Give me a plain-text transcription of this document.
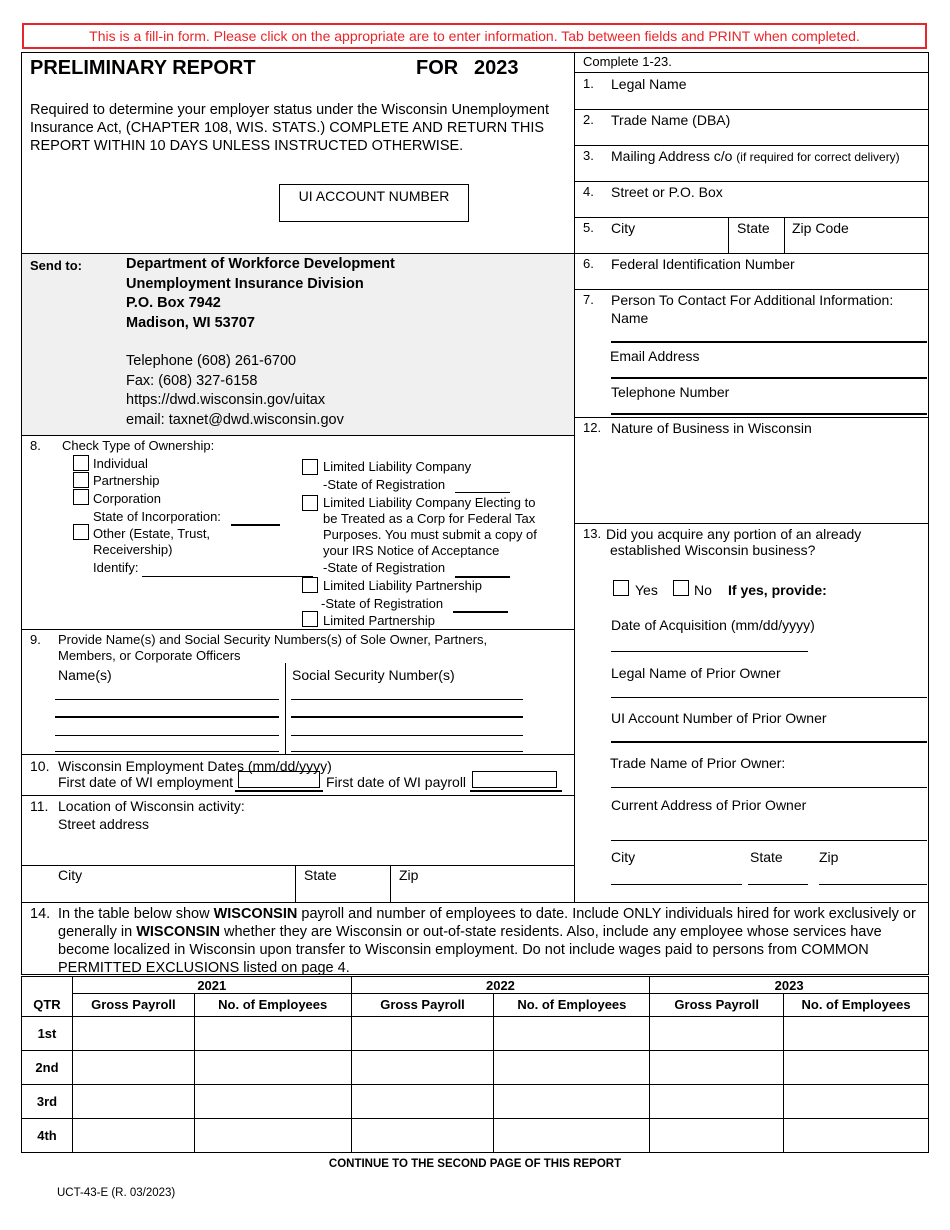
This is a fill-in form. Please click on the appropriate are to enter information. Tab between fields and PRINT when completed.
PRELIMINARY REPORT	FOR 2023
Required to determine your employer status under the Wisconsin Unemployment Insurance Act, (CHAPTER 108, WIS. STATS.) COMPLETE AND RETURN THIS REPORT WITHIN 10 DAYS UNLESS INSTRUCTED OTHERWISE.
UI ACCOUNT NUMBER
Complete 1-23.
1. Legal Name
2. Trade Name (DBA)
3. Mailing Address c/o (if required for correct delivery)
4. Street or P.O. Box
5. City	State Zip Code
6. Federal Identification Number
7. Person To Contact For Additional Information:
Name
Email Address
Telephone Number
12. Nature of Business in Wisconsin
13. Did you acquire any portion of an already
established Wisconsin business?
Yes	No If yes, provide:
Date of Acquisition (mm/dd/yyyy)
Legal Name of Prior Owner
UI Account Number of Prior Owner
Trade Name of Prior Owner:
Current Address of Prior Owner
City	State	Zip
Send to:	Department of Workforce Development
Unemployment Insurance Division
P.O. Box 7942
Madison, WI 53707
Telephone (608) 261-6700
Fax: (608) 327-6158
https://dwd.wisconsin.gov/uitax
email: taxnet@dwd.wisconsin.gov
8. Check Type of Ownership:
Individual
Partnership
Corporation
State of Incorporation:
Other (Estate, Trust,
Receivership)
Identify:
Limited Liability Company
-State of Registration
Limited Liability Company Electing to
be Treated as a Corp for Federal Tax
Purposes. You must submit a copy of
your IRS Notice of Acceptance
-State of Registration
Limited Liability Partnership
-State of Registration
Limited Partnership
9. Provide Name(s) and Social Security Numbers(s) of Sole Owner, Partners,
Members, or Corporate Officers
Name(s)	Social Security Number(s)
10. Wisconsin Employment Dates (mm/dd/yyyy)
First date of WI employment	First date of WI payroll
11. Location of Wisconsin activity:
Street address
City	State	Zip
14. In the table below show WISCONSIN payroll and number of employees to date. Include ONLY individuals hired for work exclusively or generally in WISCONSIN whether they are Wisconsin or out-of-state residents. Also, include any employee whose services have become localized in Wisconsin upon transfer to Wisconsin employment. Do not include wages paid to persons from COMMON PERMITTED EXCLUSIONS listed on page 4.
	2021		2022		2023	
QTR	Gross Payroll	No. of Employees	Gross Payroll	No. of Employees	Gross Payroll	No. of Employees
1st						
2nd						
3rd						
4th						
CONTINUE TO THE SECOND PAGE OF THIS REPORT
UCT-43-E (R. 03/2023)
